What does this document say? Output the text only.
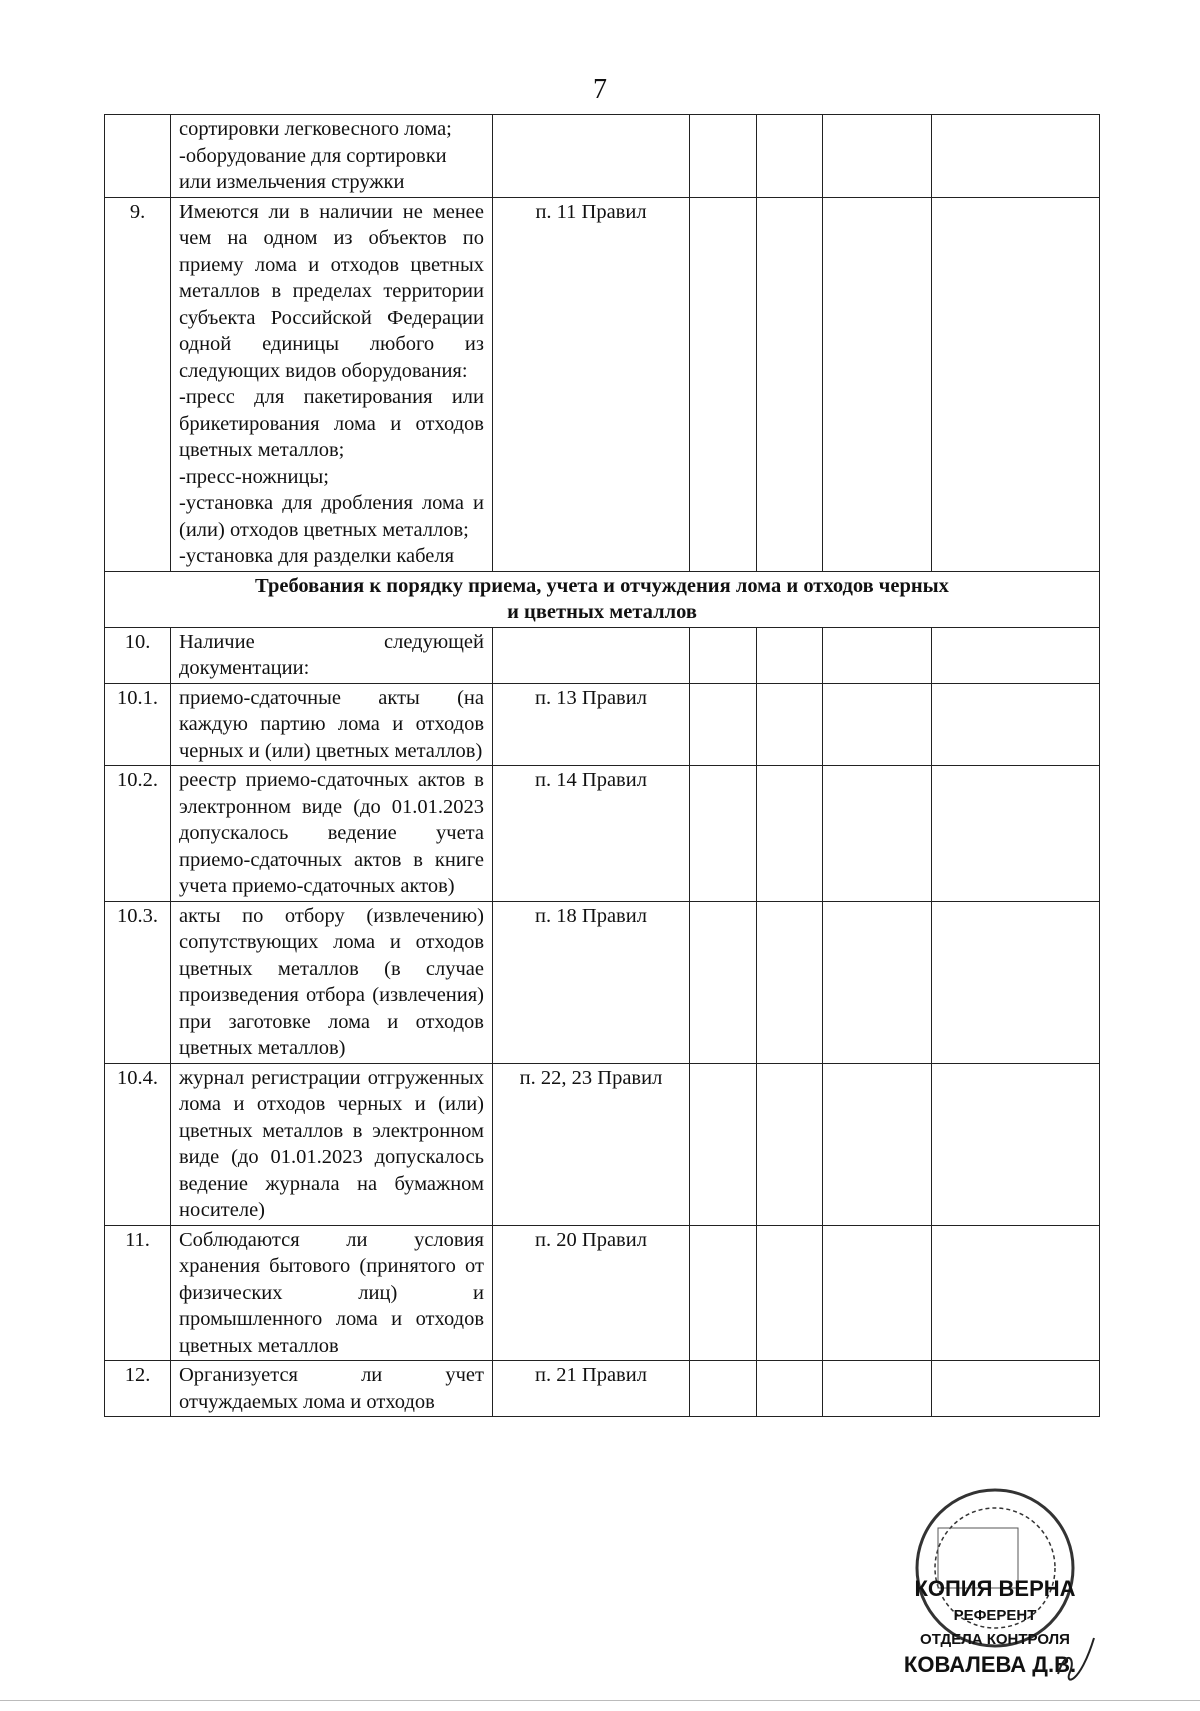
7

	сортировки легковесного лома;
-оборудование для сортировки
или измельчения стружки					

9.	Имеются ли в наличии не менее чем на одном из объектов по приему лома и отходов цветных металлов в пределах территории субъекта Российской Федерации одной единицы любого из следующих видов оборудования:
-пресс для пакетирования или брикетирования лома и отходов цветных металлов;
-пресс-ножницы;
-установка для дробления лома и (или) отходов цветных металлов;
-установка для разделки кабеля	п. 11 Правил				
Требования к порядку приема, учета и отчуждения лома и отходов черных
и цветных металлов						
10.	Наличие следующей документации:					

10.1.	приемо-сдаточные акты (на каждую партию лома и отходов черных и (или) цветных металлов)	п. 13 Правил				
10.2.	реестр приемо-сдаточных актов в электронном виде (до 01.01.2023 допускалось ведение учета приемо-сдаточных актов в книге учета приемо-сдаточных актов)	п. 14 Правил				
10.3.	акты по отбору (извлечению) сопутствующих лома и отходов цветных металлов (в случае произведения отбора (извлечения) при заготовке лома и отходов цветных металлов)	п. 18 Правил				
10.4.	журнал регистрации отгруженных лома и отходов черных и (или) цветных металлов в электронном виде (до 01.01.2023 допускалось ведение журнала на бумажном носителе)	п. 22, 23 Правил				
11.	Соблюдаются ли условия хранения бытового (принятого от физических лиц) и промышленного лома и отходов цветных металлов	п. 20 Правил				
12.	Организуется ли учет отчуждаемых лома и отходов	п. 21 Правил				
КОПИЯ ВЕРНА
РЕФЕРЕНТ
ОТДЕЛА КОНТРОЛЯ
КОВАЛЕВА Д.В.
